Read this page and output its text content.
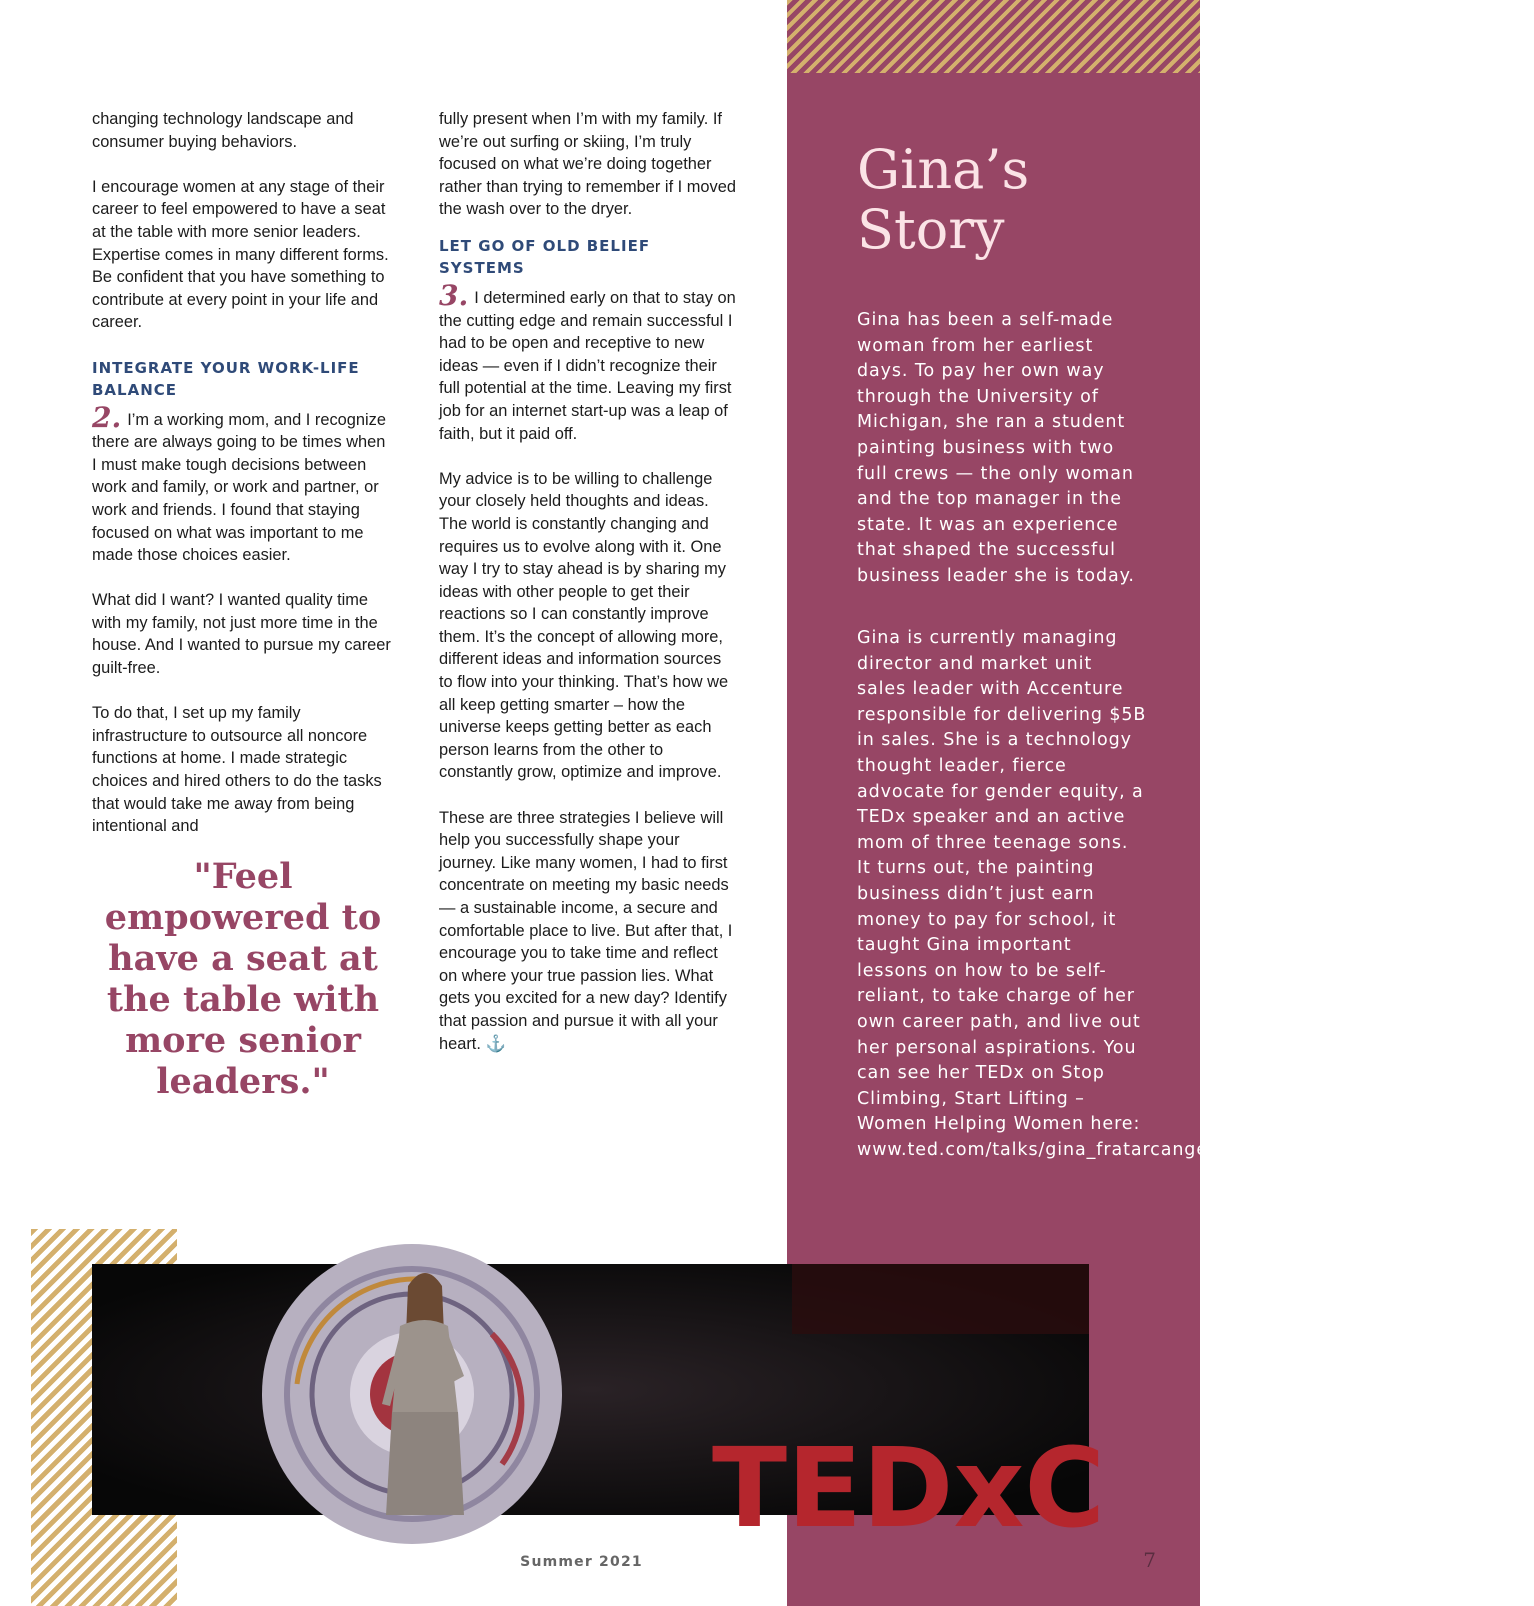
Gina’s
Story

Gina has been a self-made woman from her earliest days. To pay her own way through the University of Michigan, she ran a student painting business with two full crews — the only woman and the top manager in the state. It was an experience that shaped the successful business leader she is today.

Gina is currently managing director and market unit sales leader with Accenture responsible for delivering $5B in sales. She is a technology thought leader, fierce advocate for gender equity, a TEDx speaker and an active mom of three teenage sons. It turns out, the painting business didn’t just earn money to pay for school, it taught Gina important lessons on how to be self-reliant, to take charge of her own career path, and live out her personal aspirations. You can see her TEDx on Stop Climbing, Start Lifting – Women Helping Women here: www.ted.com/talks/gina_fratarcangeli_stop_climbing_and_start_lifting.

7

changing technology landscape and consumer buying behaviors.

I encourage women at any stage of their career to feel empowered to have a seat at the table with more senior leaders. Expertise comes in many different forms. Be confident that you have something to contribute at every point in your life and career.

INTEGRATE YOUR WORK-LIFE BALANCE

2. I’m a working mom, and I recognize there are always going to be times when I must make tough decisions between work and family, or work and partner, or work and friends. I found that staying focused on what was important to me made those choices easier.

What did I want? I wanted quality time with my family, not just more time in the house. And I wanted to pursue my career guilt-free.

To do that, I set up my family infrastructure to outsource all noncore functions at home. I made strategic choices and hired others to do the tasks that would take me away from being intentional and

"Feel empowered to have a seat at the table with more senior leaders."

fully present when I’m with my family. If we’re out surfing or skiing, I’m truly focused on what we’re doing together rather than trying to remember if I moved the wash over to the dryer.

LET GO OF OLD BELIEF SYSTEMS

3. I determined early on that to stay on the cutting edge and remain successful I had to be open and receptive to new ideas — even if I didn’t recognize their full potential at the time. Leaving my first job for an internet start-up was a leap of faith, but it paid off.

My advice is to be willing to challenge your closely held thoughts and ideas. The world is constantly changing and requires us to evolve along with it. One way I try to stay ahead is by sharing my ideas with other people to get their reactions so I can constantly improve them. It’s the concept of allowing more, different ideas and information sources to flow into your thinking. That’s how we all keep getting smarter – how the universe keeps getting better as each person learns from the other to constantly grow, optimize and improve.

These are three strategies I believe will help you successfully shape your journey. Like many women, I had to first concentrate on meeting my basic needs — a sustainable income, a secure and comfortable place to live. But after that, I encourage you to take time and reflect on where your true passion lies. What gets you excited for a new day? Identify that passion and pursue it with all your heart. ⚓

TEDxC
Summer 2021
